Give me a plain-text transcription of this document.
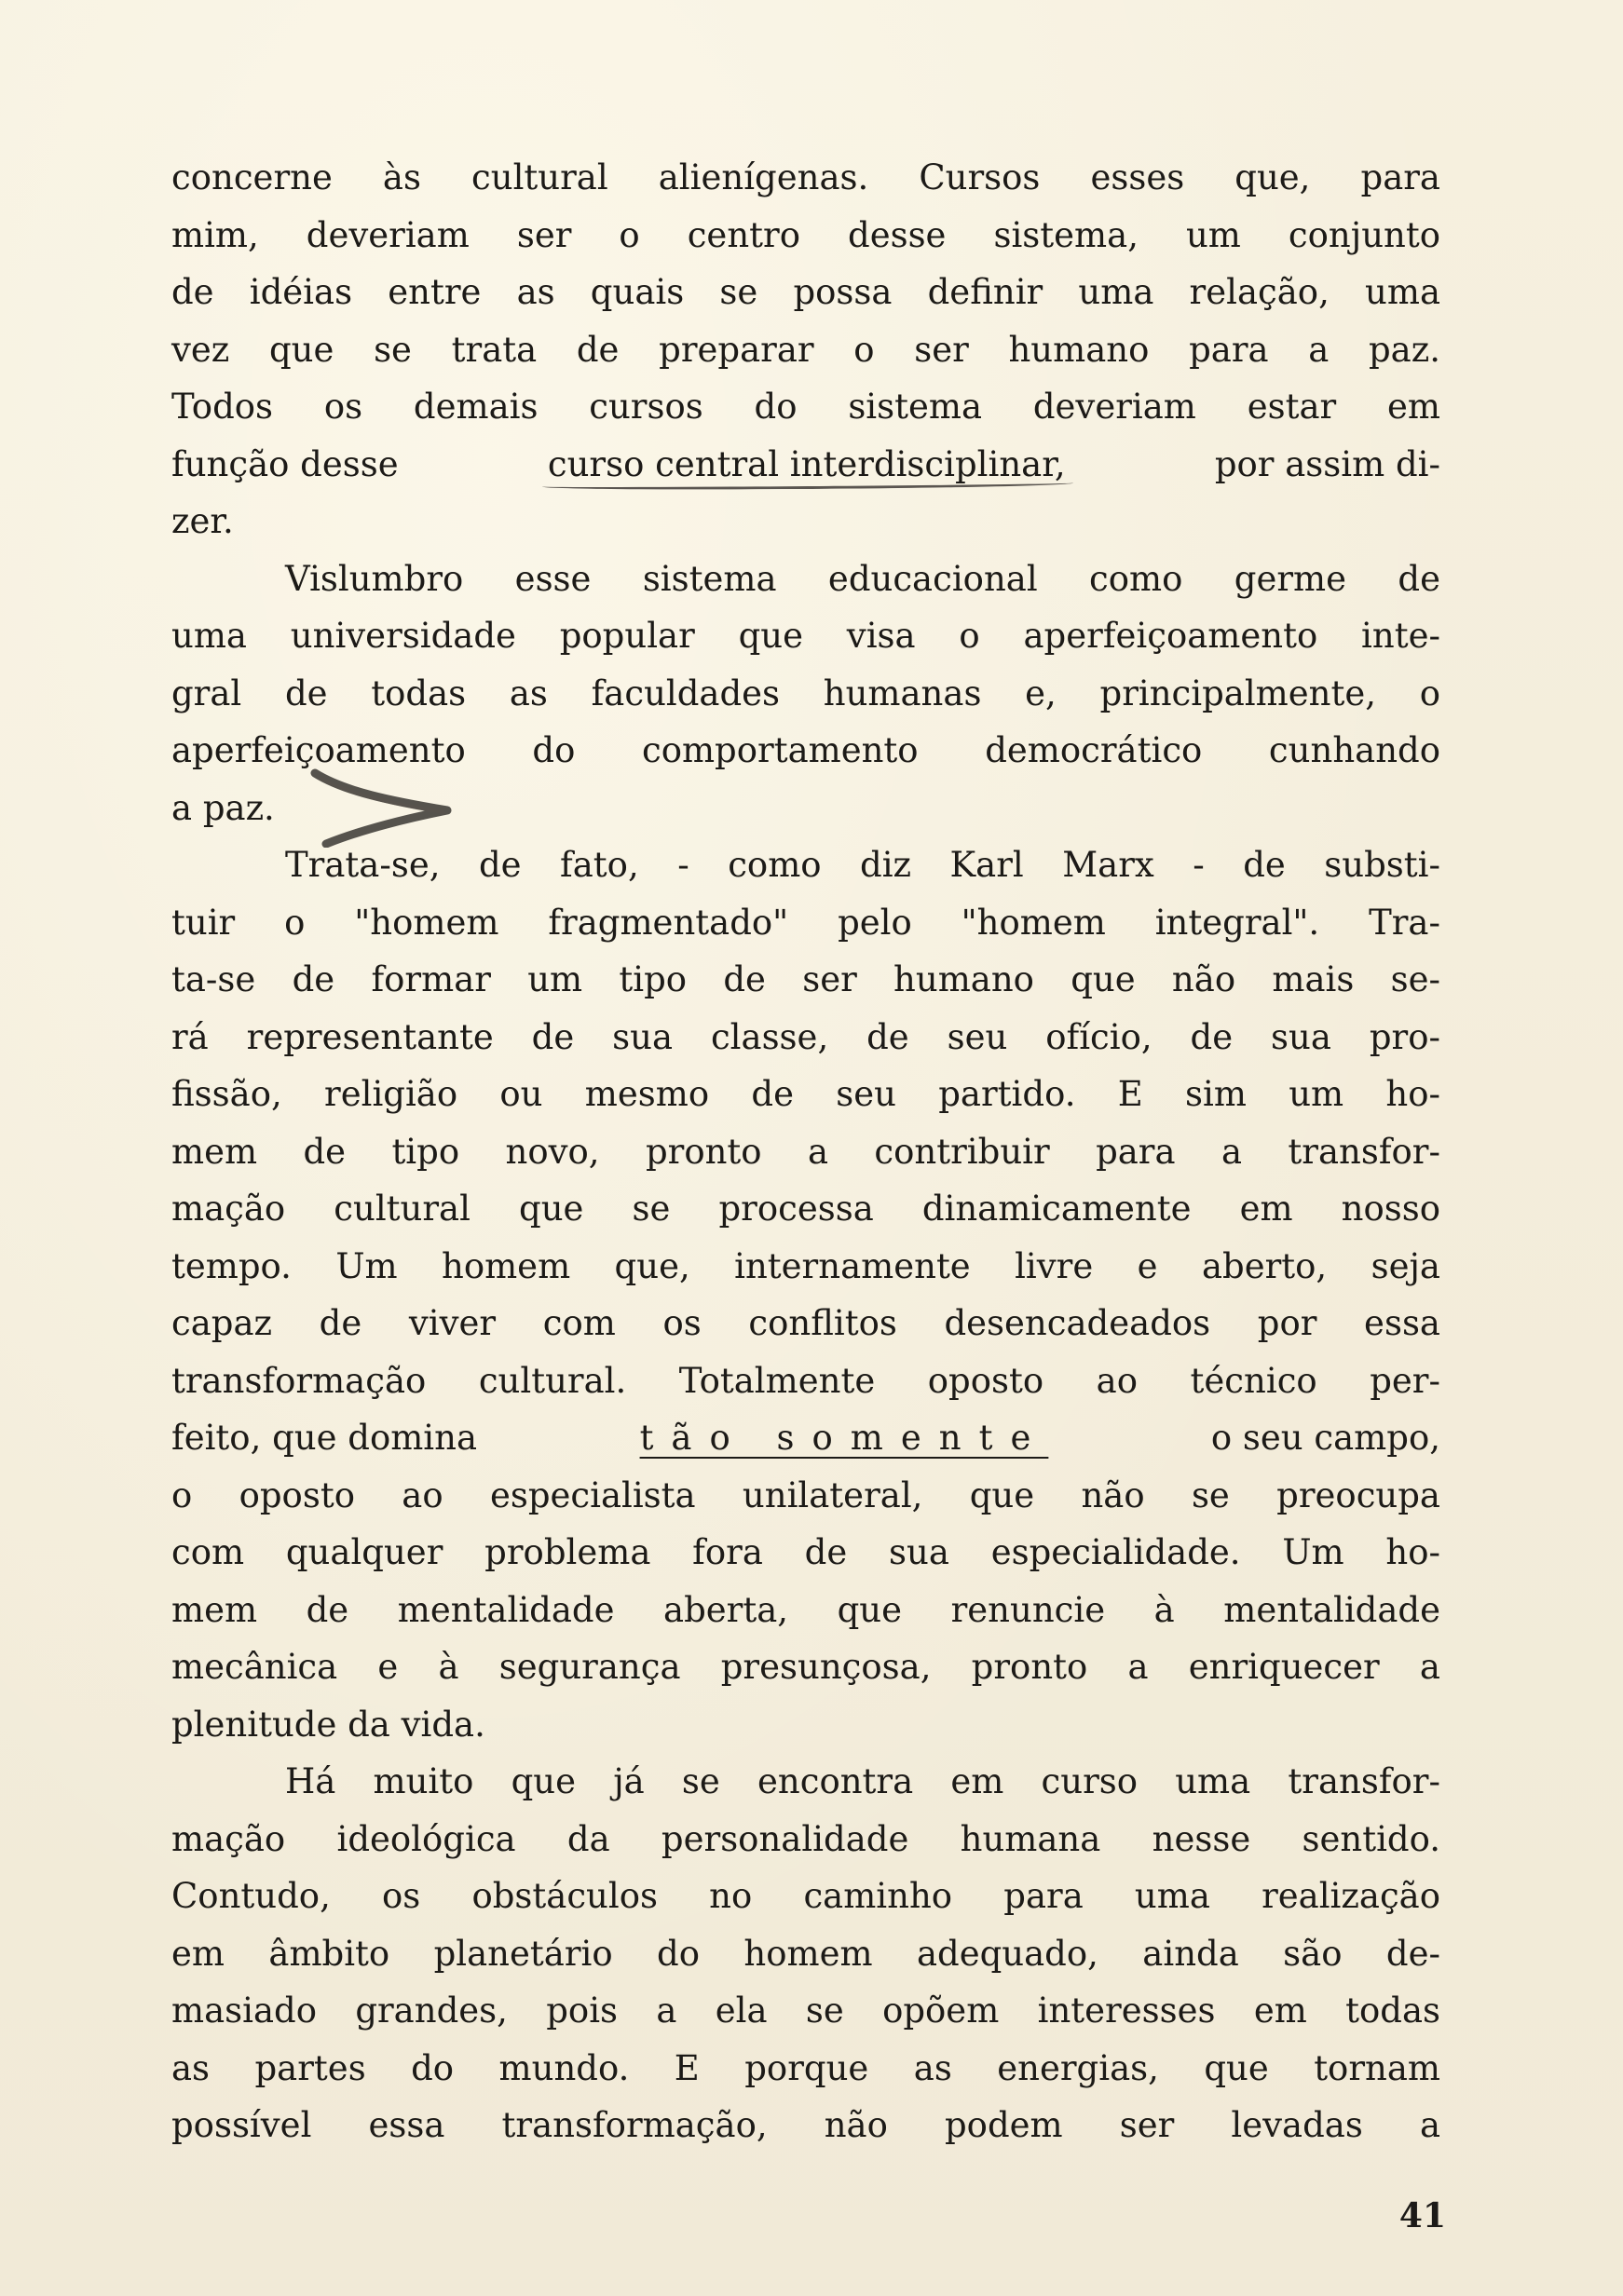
concerne às cultural alienígenas. Cursos esses que, para
mim, deveriam ser o centro desse sistema, um conjunto
de idéias entre as quais se possa definir uma relação, uma
vez que se trata de preparar o ser humano para a paz.
Todos os demais cursos do sistema deveriam estar em
função desse	curso central interdisciplinar,	por assim di-
zer.
Vislumbro esse sistema educacional como germe de
uma universidade popular que visa o aperfeiçoamento inte-
gral de todas as faculdades humanas e, principalmente, o
aperfeiçoamento do comportamento democrático cunhando
a paz.
Trata-se, de fato, - como diz Karl Marx - de substi-
tuir o "homem fragmentado" pelo "homem integral". Tra-
ta-se de formar um tipo de ser humano que não mais se-
rá representante de sua classe, de seu ofício, de sua pro-
fissão, religião ou mesmo de seu partido. E sim um ho-
mem de tipo novo, pronto a contribuir para a transfor-
mação cultural que se processa dinamicamente em nosso
tempo. Um homem que, internamente livre e aberto, seja
capaz de viver com os conflitos desencadeados por essa
transformação cultural. Totalmente oposto ao técnico per-
feito, que domina	tão somente	o seu campo,
o oposto ao especialista unilateral, que não se preocupa
com qualquer problema fora de sua especialidade. Um ho-
mem de mentalidade aberta, que renuncie à mentalidade
mecânica e à segurança presunçosa, pronto a enriquecer a
plenitude da vida.
Há muito que já se encontra em curso uma transfor-
mação ideológica da personalidade humana nesse sentido.
Contudo, os obstáculos no caminho para uma realização
em âmbito planetário do homem adequado, ainda são de-
masiado grandes, pois a ela se opõem interesses em todas
as partes do mundo. E porque as energias, que tornam
possível essa transformação, não podem ser levadas a
41
